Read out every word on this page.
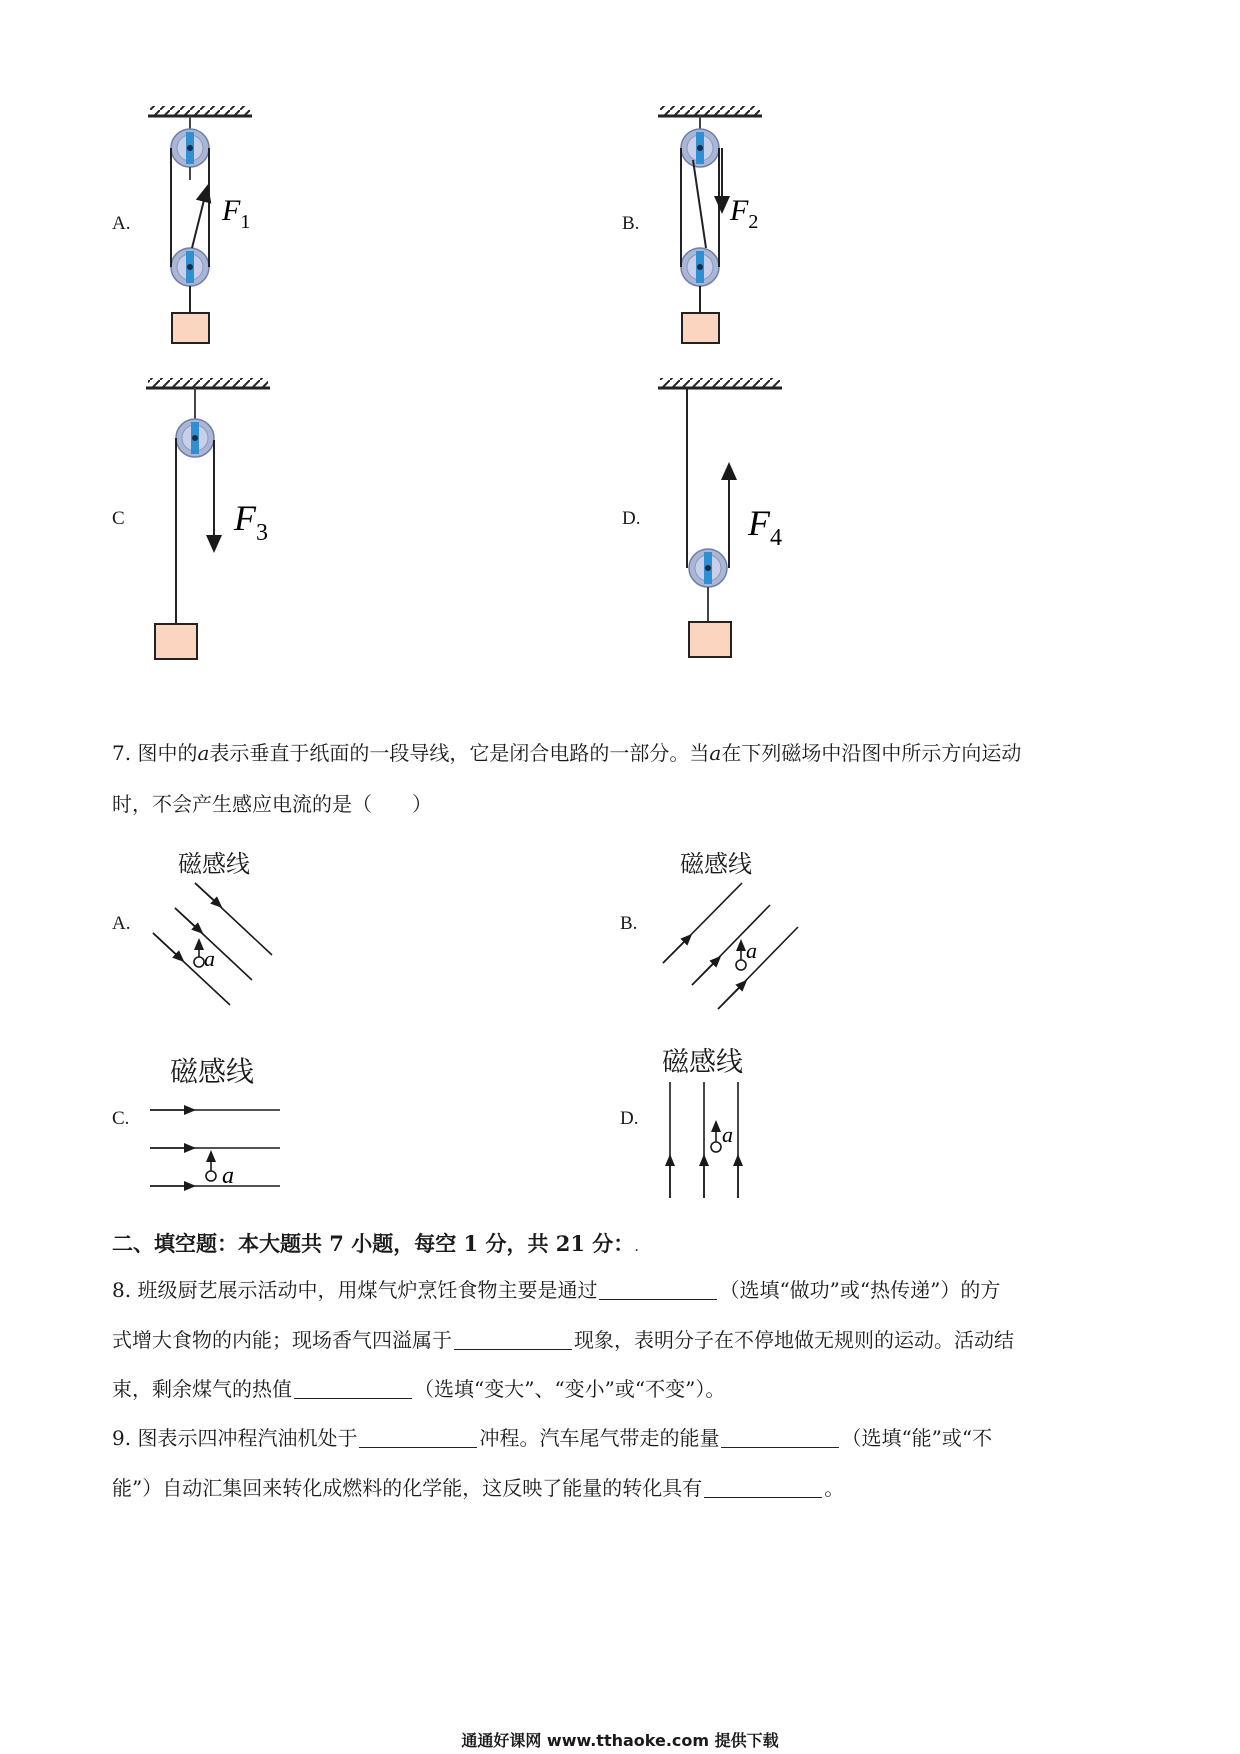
A.	B.
C	D.
$F_1$	$F_2$
$F_3$	$F_4$
7. 图中的a表示垂直于纸面的一段导线，它是闭合电路的一部分。当a在下列磁场中沿图中所示方向运动
时，不会产生感应电流的是（　　）
A.	B.
C.	D.
磁感线	磁感线
磁感线	磁感线
a	a
a
a
二、填空题：本大题共 7 小题，每空 1 分，共 21 分：.
8. 班级厨艺展示活动中，用煤气炉烹饪食物主要是通过	（选填“做功”或“热传递”）的方
式增大食物的内能；现场香气四溢属于	现象，表明分子在不停地做无规则的运动。活动结
束，剩余煤气的热值	（选填“变大”、“变小”或“不变”）。
9. 图表示四冲程汽油机处于	冲程。汽车尾气带走的能量	（选填“能”或“不
能”）自动汇集回来转化成燃料的化学能，这反映了能量的转化具有	。
通通好课网 www.tthaoke.com 提供下载
